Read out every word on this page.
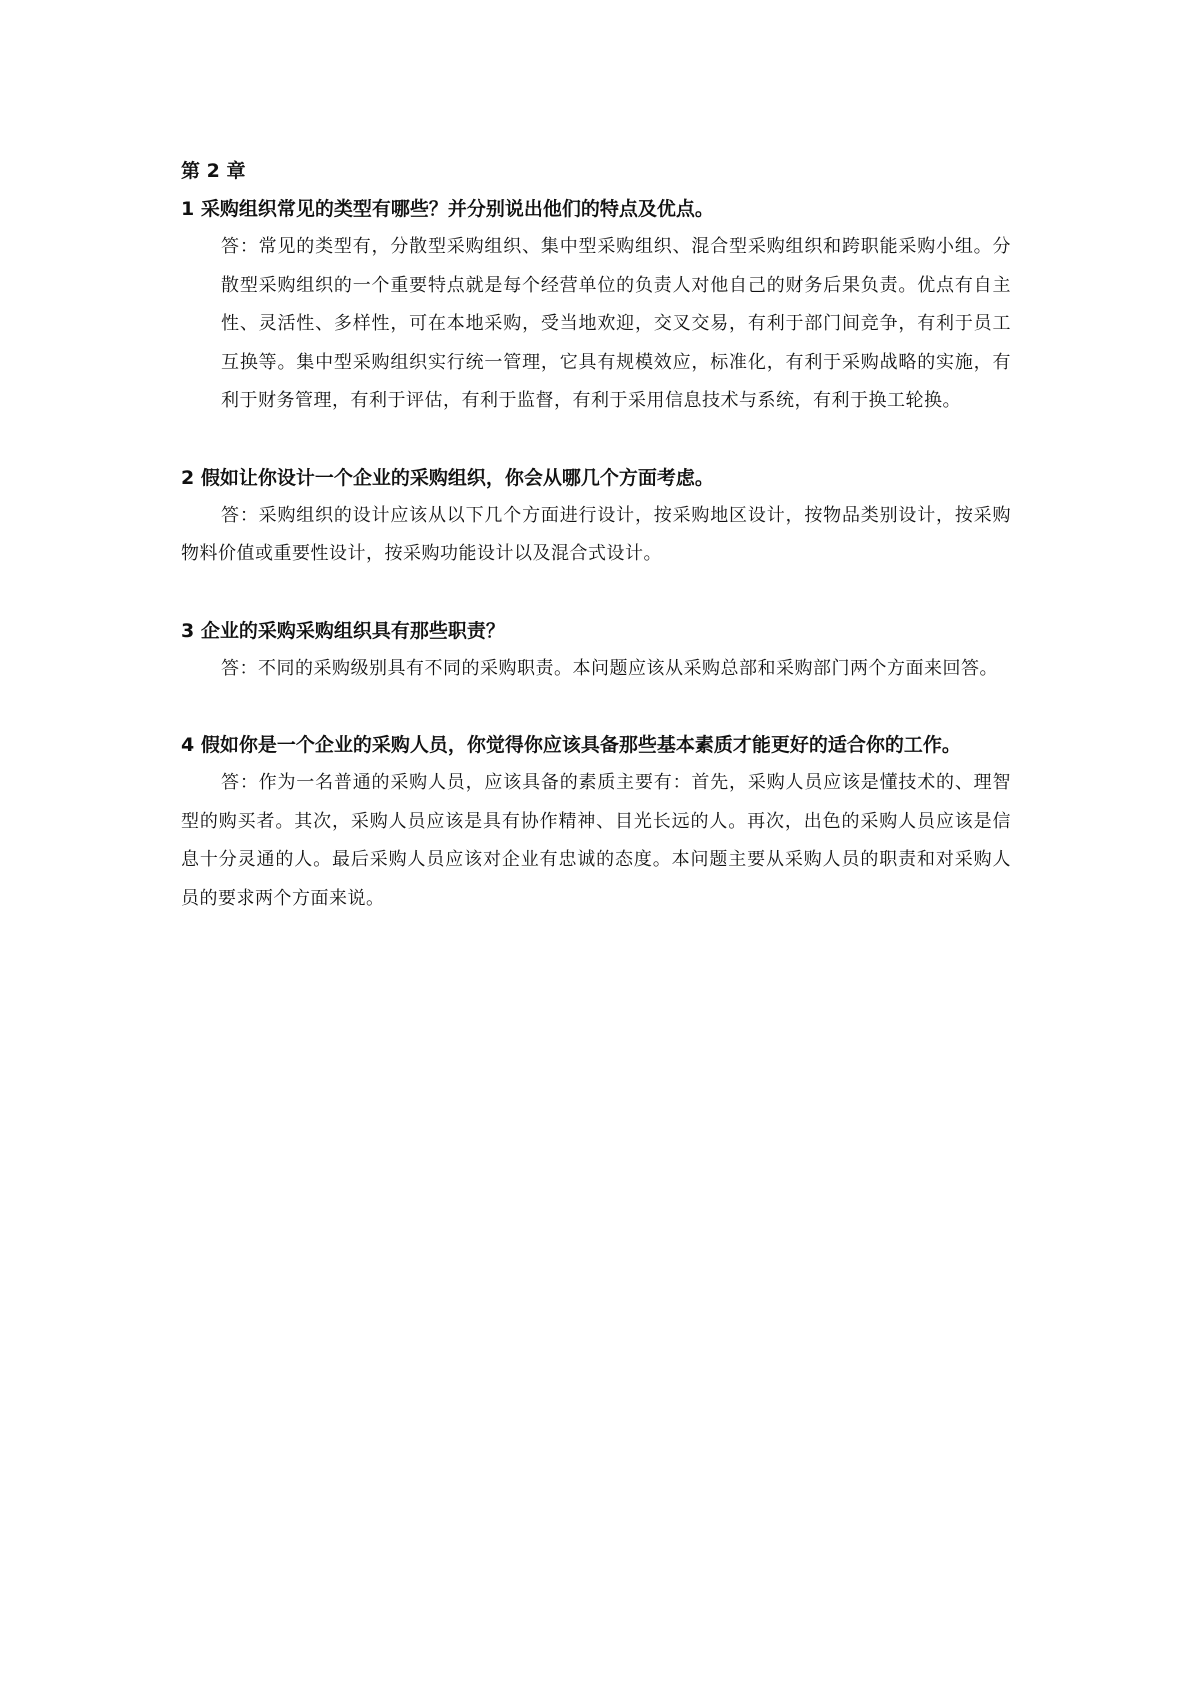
第 2 章

1 采购组织常见的类型有哪些？并分别说出他们的特点及优点。

答：常见的类型有，分散型采购组织、集中型采购组织、混合型采购组织和跨职能采购小组。分散型采购组织的一个重要特点就是每个经营单位的负责人对他自己的财务后果负责。优点有自主性、灵活性、多样性，可在本地采购，受当地欢迎，交叉交易，有利于部门间竞争，有利于员工互换等。集中型采购组织实行统一管理，它具有规模效应，标准化，有利于采购战略的实施，有利于财务管理，有利于评估，有利于监督，有利于采用信息技术与系统，有利于换工轮换。

2 假如让你设计一个企业的采购组织，你会从哪几个方面考虑。

答：采购组织的设计应该从以下几个方面进行设计，按采购地区设计，按物品类别设计，按采购物料价值或重要性设计，按采购功能设计以及混合式设计。

3 企业的采购采购组织具有那些职责？

答：不同的采购级别具有不同的采购职责。本问题应该从采购总部和采购部门两个方面来回答。

4 假如你是一个企业的采购人员，你觉得你应该具备那些基本素质才能更好的适合你的工作。

答：作为一名普通的采购人员，应该具备的素质主要有：首先，采购人员应该是懂技术的、理智型的购买者。其次，采购人员应该是具有协作精神、目光长远的人。再次，出色的采购人员应该是信息十分灵通的人。最后采购人员应该对企业有忠诚的态度。本问题主要从采购人员的职责和对采购人员的要求两个方面来说。
